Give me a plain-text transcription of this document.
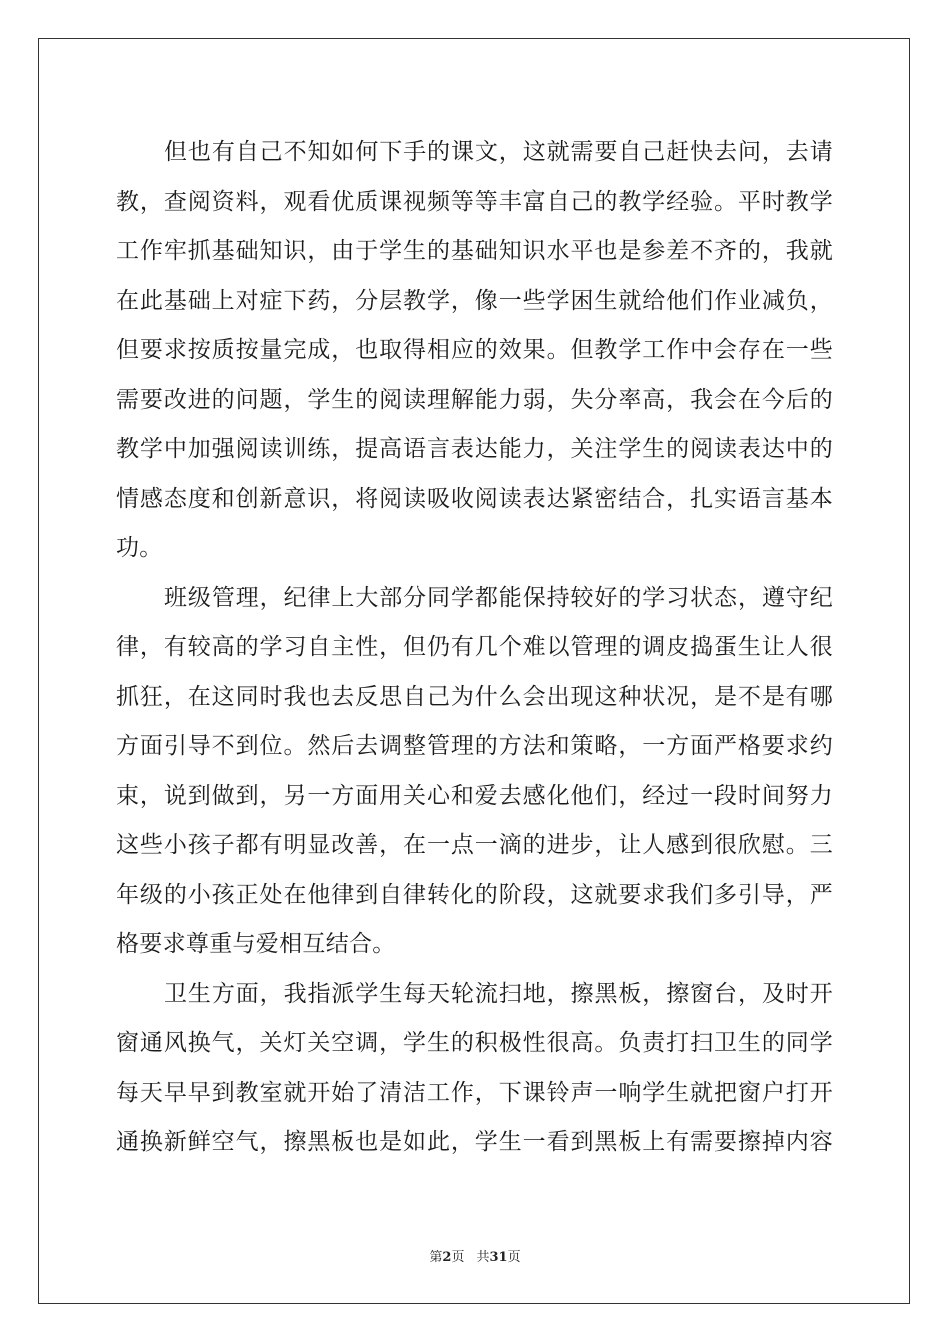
但也有自己不知如何下手的课文，这就需要自己赶快去问，去请
教，查阅资料，观看优质课视频等等丰富自己的教学经验。平时教学
工作牢抓基础知识，由于学生的基础知识水平也是参差不齐的，我就
在此基础上对症下药，分层教学，像一些学困生就给他们作业减负，
但要求按质按量完成，也取得相应的效果。但教学工作中会存在一些
需要改进的问题，学生的阅读理解能力弱，失分率高，我会在今后的
教学中加强阅读训练，提高语言表达能力，关注学生的阅读表达中的
情感态度和创新意识，将阅读吸收阅读表达紧密结合，扎实语言基本
功。
班级管理，纪律上大部分同学都能保持较好的学习状态，遵守纪
律，有较高的学习自主性，但仍有几个难以管理的调皮捣蛋生让人很
抓狂，在这同时我也去反思自己为什么会出现这种状况，是不是有哪
方面引导不到位。然后去调整管理的方法和策略，一方面严格要求约
束，说到做到，另一方面用关心和爱去感化他们，经过一段时间努力
这些小孩子都有明显改善，在一点一滴的进步，让人感到很欣慰。三
年级的小孩正处在他律到自律转化的阶段，这就要求我们多引导，严
格要求尊重与爱相互结合。
卫生方面，我指派学生每天轮流扫地，擦黑板，擦窗台，及时开
窗通风换气，关灯关空调，学生的积极性很高。负责打扫卫生的同学
每天早早到教室就开始了清洁工作，下课铃声一响学生就把窗户打开
通换新鲜空气，擦黑板也是如此，学生一看到黑板上有需要擦掉内容
第2页 共31页
